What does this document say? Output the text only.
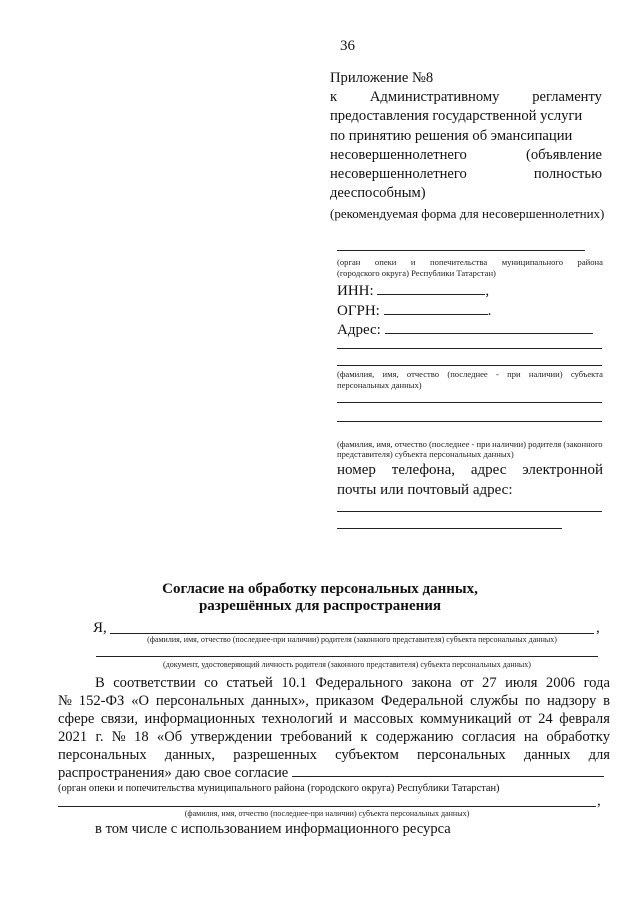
36
Приложение №8
к Административному регламенту
предоставления государственной услуги
по принятию решения об эмансипации
несовершеннолетнего	(объявление
несовершеннолетнего	полностью
дееспособным)
(рекомендуемая форма для несовершеннолетних)
(орган опеки и попечительства муниципального района
(городского округа) Республики Татарстан)
ИНН:	,
ОГРН:	.
Адрес:
(фамилия, имя, отчество (последнее - при наличии) субъекта
персональных данных)
(фамилия, имя, отчество (последнее - при наличии) родителя (законного
представителя) субъекта персональных данных)
номер телефона, адрес электронной
почты или почтовый адрес:
Согласие на обработку персональных данных,
разрешённых для распространения
Я,	,
(фамилия, имя, отчество (последнее-при наличии) родителя (законного представителя) субъекта персональных данных)
(документ, удостоверяющий личность родителя (законного представителя) субъекта персональных данных)
В соответствии со статьей 10.1 Федерального закона от 27 июля 2006 года
№ 152-ФЗ «О персональных данных», приказом Федеральной службы по надзору в
сфере связи, информационных технологий и массовых коммуникаций от 24 февраля
2021 г. № 18 «Об утверждении требований к содержанию согласия на обработку
персональных данных, разрешенных субъектом персональных данных для
распространения» даю свое согласие
(орган опеки и попечительства муниципального района (городского округа) Республики Татарстан)
,
(фамилия, имя, отчество (последнее-при наличии) субъекта персональных данных)
в том числе с использованием информационного ресурса
